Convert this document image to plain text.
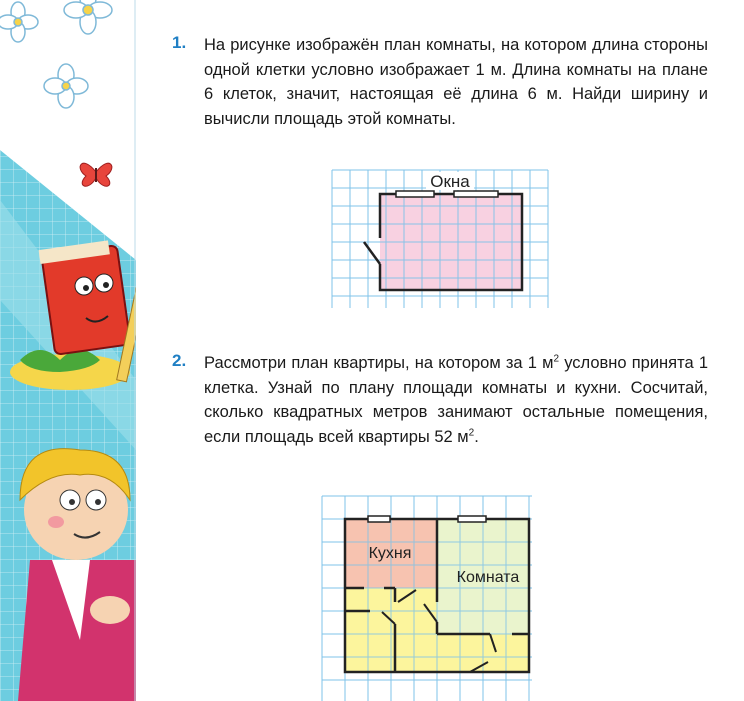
1. На рисунке изображён план комнаты, на котором длина стороны одной клетки условно изображает 1 м. Длина комнаты на плане 6 клеток, значит, настоящая её длина 6 м. Найди ширину и вычисли площадь этой комнаты.
Окна
2. Рассмотри план квартиры, на котором за 1 $м^2$ условно принята 1 клетка. Узнай по плану площади комнаты и кухни. Сосчитай, сколько квадратных метров занимают остальные помещения, если площадь всей квартиры 52 $м^2$.
Кухня
Комната
